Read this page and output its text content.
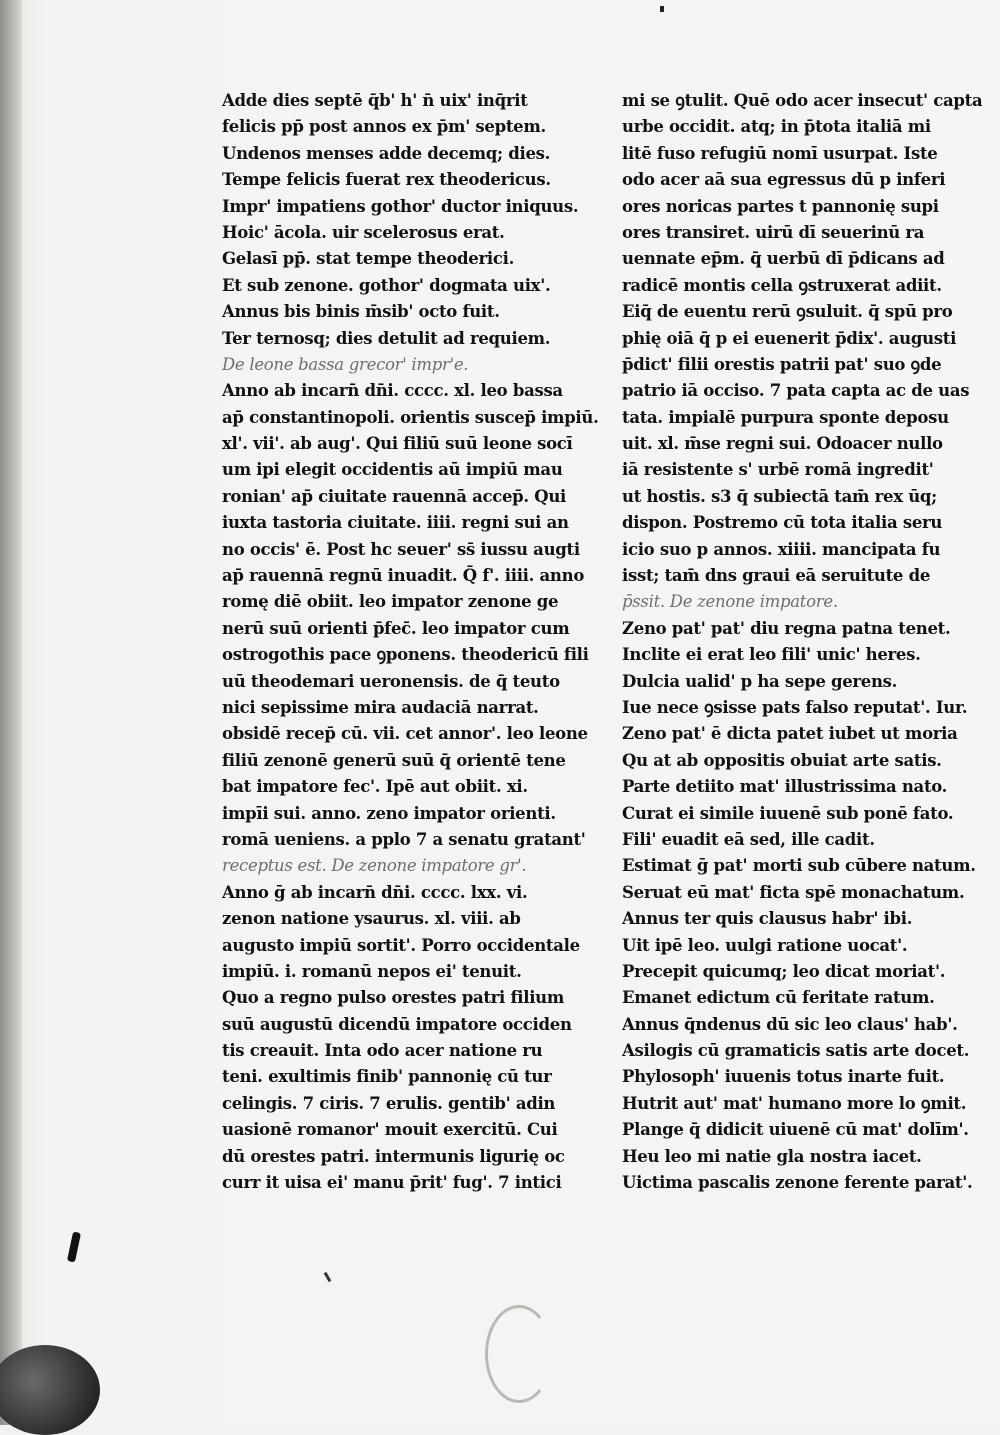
Adde dies septē q̄b' h' n̄ uix' inq̄rit
felicis pp̄ post annos ex p̄m' septem.
Undenos menses adde decemq; dies.
Tempe felicis fuerat rex theodericus.
Impr' impatiens gothor' ductor iniquus.
Hoic' ācola. uir scelerosus erat.
Gelasī pp̄. stat tempe theoderici.
Et sub zenone. gothor' dogmata uix'.
Annus bis binis m̄sib' octo fuit.
Ter ternosq; dies detulit ad requiem.
De leone bassa grecor' impr'e.
Anno ab incarn̄ dn̄i. cccc. xl. leo bassa
ap̄ constantinopoli. orientis suscep̄ impiū.
xl'. vii'. ab aug'. Qui filiū suū leone socī
um ipi elegit occidentis aū impiū mau
ronian' ap̄ ciuitate rauennā accep̄. Qui
iuxta tastoria ciuitate. iiii. regni sui an
no occis' ē. Post hc seuer' ss̄ iussu augti
ap̄ rauennā regnū inuadit. Q̄ f'. iiii. anno
romę diē obiit. leo impator zenone ge
nerū suū orienti p̄fec̄. leo impator cum
ostrogothis pace ꝯponens. theodericū fili
uū theodemari ueronensis. de q̄ teuto
nici sepissime mira audaciā narrat.
obsidē recep̄ cū. vii. cet annor'. leo leone
filiū zenonē generū suū q̄ orientē tene
bat impatore fec'. Ipē aut obiit. xi.
impīi sui. anno. zeno impator orienti.
romā ueniens. a pplo 7 a senatu gratant'
receptus est. De zenone impatore gr'.
Anno ḡ ab incarn̄ dn̄i. cccc. lxx. vi.
zenon natione ysaurus. xl. viii. ab
augusto impiū sortit'. Porro occidentale
impiū. i. romanū nepos ei' tenuit.
Quo a regno pulso orestes patri filium
suū augustū dicendū impatore occiden
tis creauit. Inta odo acer natione ru
teni. exultimis finib' pannonię cū tur
celingis. 7 ciris. 7 erulis. gentib' adin
uasionē romanor' mouit exercitū. Cui
dū orestes patri. intermunis ligurię oc
curr it uisa ei' manu p̄rit' fug'. 7 intici
mi se ꝯtulit. Quē odo acer insecut' capta
urbe occidit. atq; in p̄tota italiā mi
litē fuso refugiū nomī usurpat. Iste
odo acer aā sua egressus dū p inferi
ores noricas partes t pannonię supi
ores transiret. uirū dī seuerinū ra
uennate ep̄m. q̄ uerbū dī p̄dicans ad
radicē montis cella ꝯstruxerat adiit.
Eiq̄ de euentu rerū ꝯsuluit. q̄ spū pro
phię oiā q̄ p ei euenerit p̄dix'. augusti
p̄dict' filii orestis patrii pat' suo ꝯde
patrio iā occiso. 7 pata capta ac de uas
tata. impialē purpura sponte deposu
uit. xl. m̄se regni sui. Odoacer nullo
iā resistente s' urbē romā ingredit'
ut hostis. s3 q̄ subiectā tam̄ rex ūq;
dispon. Postremo cū tota italia seru
icio suo p annos. xiiii. mancipata fu
isst; tam̄ dns graui eā seruitute de
p̄ssit. De zenone impatore.
Zeno pat' pat' diu regna patna tenet.
Inclite ei erat leo fili' unic' heres.
Dulcia ualid' p ha sepe gerens.
Iue nece ꝯsisse pats falso reputat'. Iur.
Zeno pat' ē dicta patet iubet ut moria
Qu at ab oppositis obuiat arte satis.
Parte detiito mat' illustrissima nato.
Curat ei simile iuuenē sub ponē fato.
Fili' euadit eā sed, ille cadit.
Estimat ḡ pat' morti sub cūbere natum.
Seruat eū mat' ficta spē monachatum.
Annus ter quis clausus habr' ibi.
Uit ipē leo. uulgi ratione uocat'.
Precepit quicumq; leo dicat moriat'.
Emanet edictum cū feritate ratum.
Annus q̄ndenus dū sic leo claus' hab'.
Asilogis cū gramaticis satis arte docet.
Phylosoph' iuuenis totus inarte fuit.
Hutrit aut' mat' humano more lo ꝯmit.
Plange q̄ didicit uiuenē cū mat' dolīm'.
Heu leo mi natie gla nostra iacet.
Uictima pascalis zenone ferente parat'.
